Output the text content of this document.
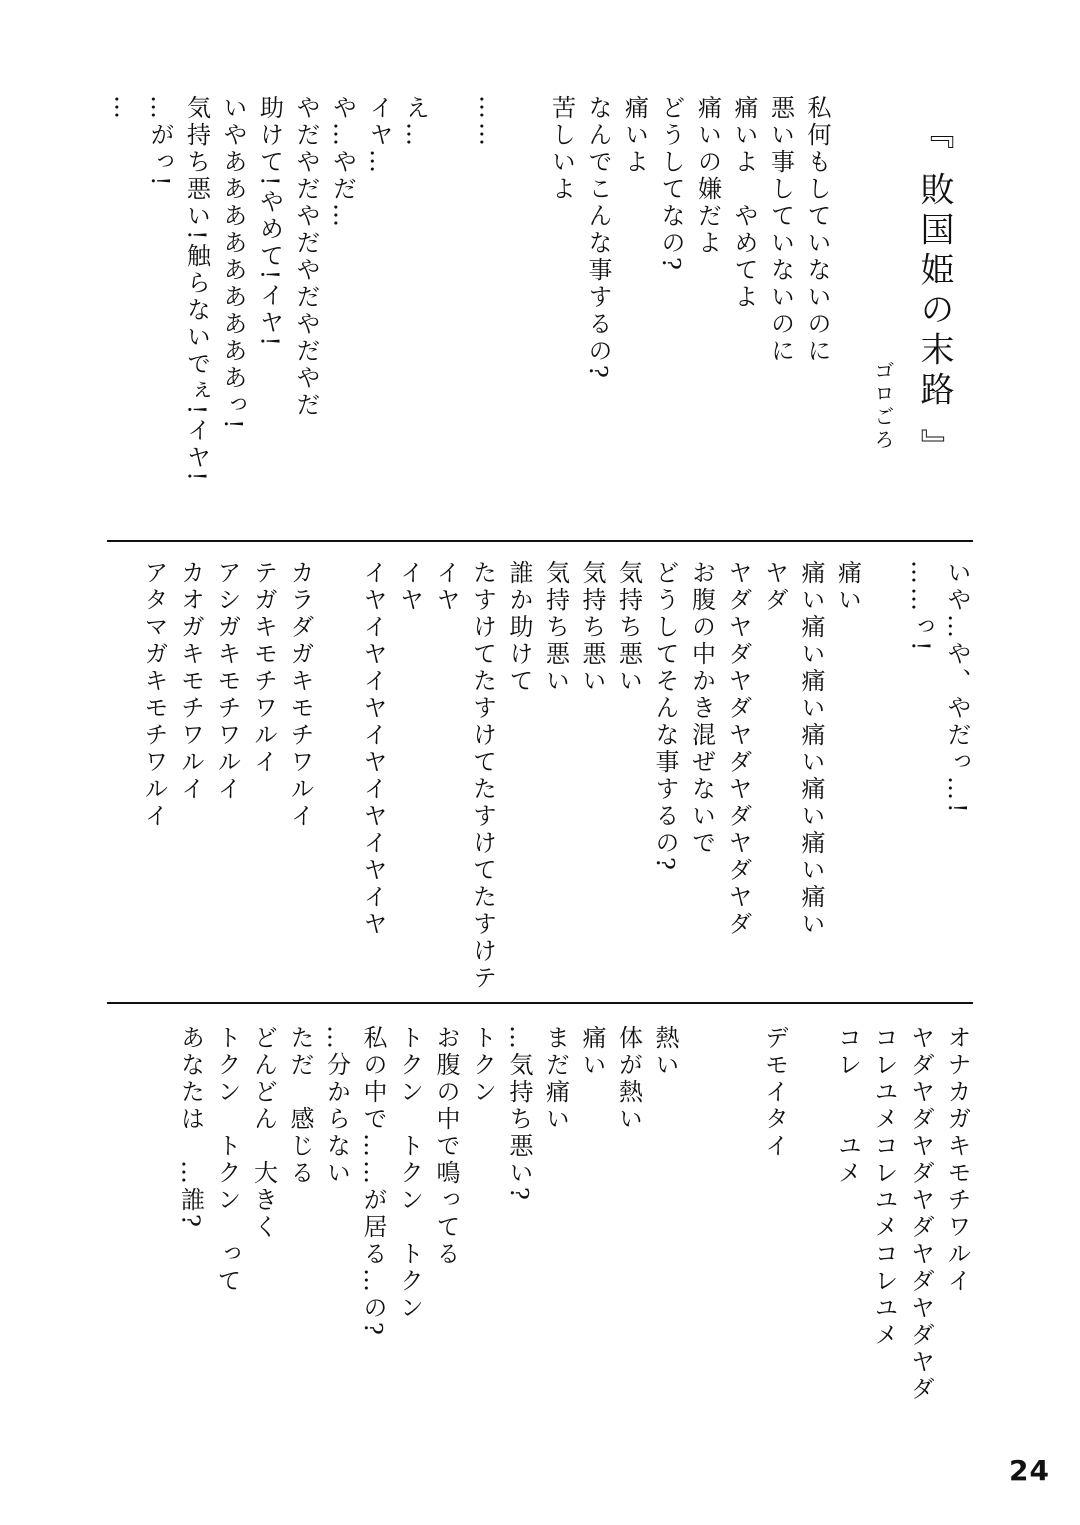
『 敗国姫の末路 』
ゴロごろ
私何もしていないのに
悪い事していないのに
痛いよ　やめてよ
痛いの嫌だよ
どうしてなの?
痛いよ
なんでこんな事するの?
苦しいよ

……

え…
イヤ…
や…やだ…
やだやだやだやだやだやだ
助けて!やめて!イヤ!
いやあああああああああっ!
気持ち悪い!触らないでぇ!イヤ!
…がっ!
…
いや…や、やだっ…!
……っ!

痛い
痛い痛い痛い痛い痛い痛い痛い
ヤダ
ヤダヤダヤダヤダヤダヤダヤダ
お腹の中かき混ぜないで
どうしてそんな事するの?
気持ち悪い
気持ち悪い
気持ち悪い
誰か助けて
たすけてたすけてたすけてたすけテ
イヤ
イヤ
イヤイヤイヤイヤイヤイヤイヤ

カラダガキモチワルイ
テガキモチワルイ
アシガキモチワルイ
カオガキモチワルイ
アタマガキモチワルイ
オナカガキモチワルイ
ヤダヤダヤダヤダヤダヤダヤダ
コレユメコレユメコレユメ
コレ　　ユメ

デモイタイ

熱い
体が熱い
痛い
まだ痛い
…気持ち悪い?
トクン
お腹の中で鳴ってる
トクン　トクン　トクン
私の中で……が居る…の?
…分からない
ただ　感じる
どんどん　大きく
トクン　トクン　って
あなたは　…誰?
24
